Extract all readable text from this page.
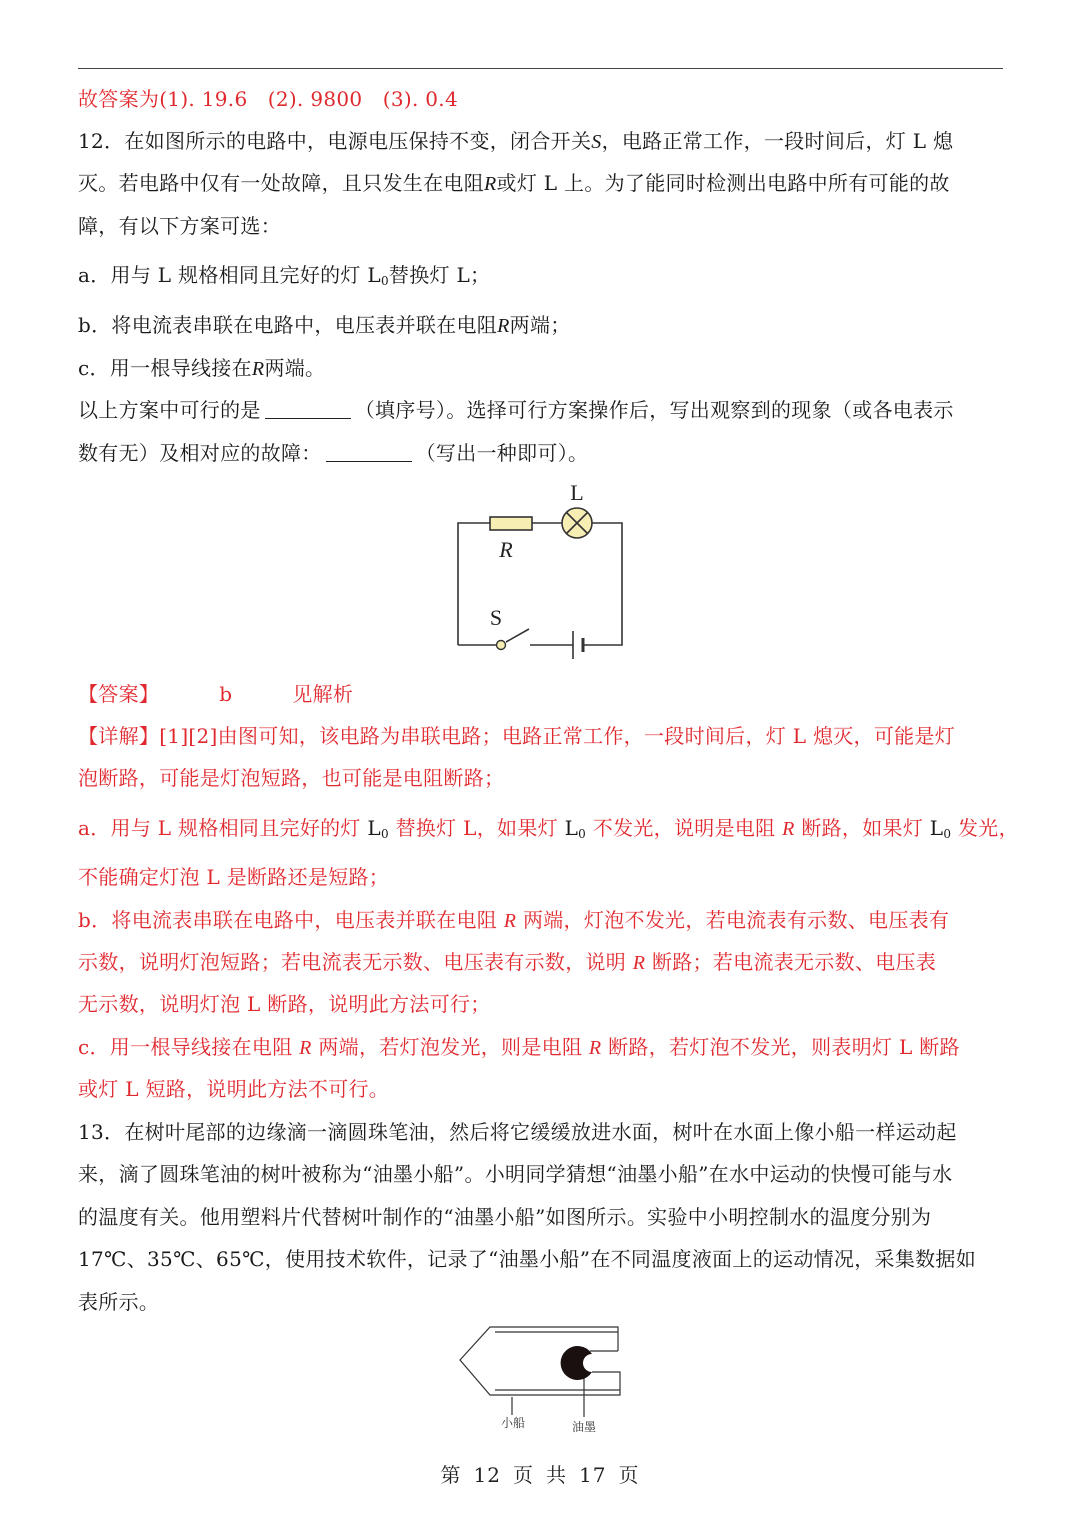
故答案为(1). 19.6　(2). 9800　(3). 0.4
12．在如图所示的电路中，电源电压保持不变，闭合开关S，电路正常工作，一段时间后，灯 L 熄
灭。若电路中仅有一处故障，且只发生在电阻R或灯 L 上。为了能同时检测出电路中所有可能的故
障，有以下方案可选：
a．用与 L 规格相同且完好的灯 $L_0$替换灯 L；
b．将电流表串联在电路中，电压表并联在电阻R两端；
c．用一根导线接在R两端。
以上方案中可行的是	（填序号）。选择可行方案操作后，写出观察到的现象（或各电表示
数有无）及相对应的故障：	（写出一种即可）。
L
R
S
【答案】	b	见解析
【详解】[1][2]由图可知，该电路为串联电路；电路正常工作，一段时间后，灯 L 熄灭，可能是灯
泡断路，可能是灯泡短路，也可能是电阻断路；
a．用与 L 规格相同且完好的灯 $L_0$ 替换灯 L，如果灯 $L_0$ 不发光，说明是电阻 R 断路，如果灯 $L_0$ 发光，
不能确定灯泡 L 是断路还是短路；
b．将电流表串联在电路中，电压表并联在电阻 R 两端，灯泡不发光，若电流表有示数、电压表有
示数，说明灯泡短路；若电流表无示数、电压表有示数，说明 R 断路；若电流表无示数、电压表
无示数，说明灯泡 L 断路，说明此方法可行；
c．用一根导线接在电阻 R 两端，若灯泡发光，则是电阻 R 断路，若灯泡不发光，则表明灯 L 断路
或灯 L 短路，说明此方法不可行。
13．在树叶尾部的边缘滴一滴圆珠笔油，然后将它缓缓放进水面，树叶在水面上像小船一样运动起
来，滴了圆珠笔油的树叶被称为“油墨小船”。小明同学猜想“油墨小船”在水中运动的快慢可能与水
的温度有关。他用塑料片代替树叶制作的“油墨小船”如图所示。实验中小明控制水的温度分别为
17℃、35℃、65℃，使用技术软件，记录了“油墨小船”在不同温度液面上的运动情况，采集数据如
表所示。
小船	油墨
第 12 页 共 17 页
